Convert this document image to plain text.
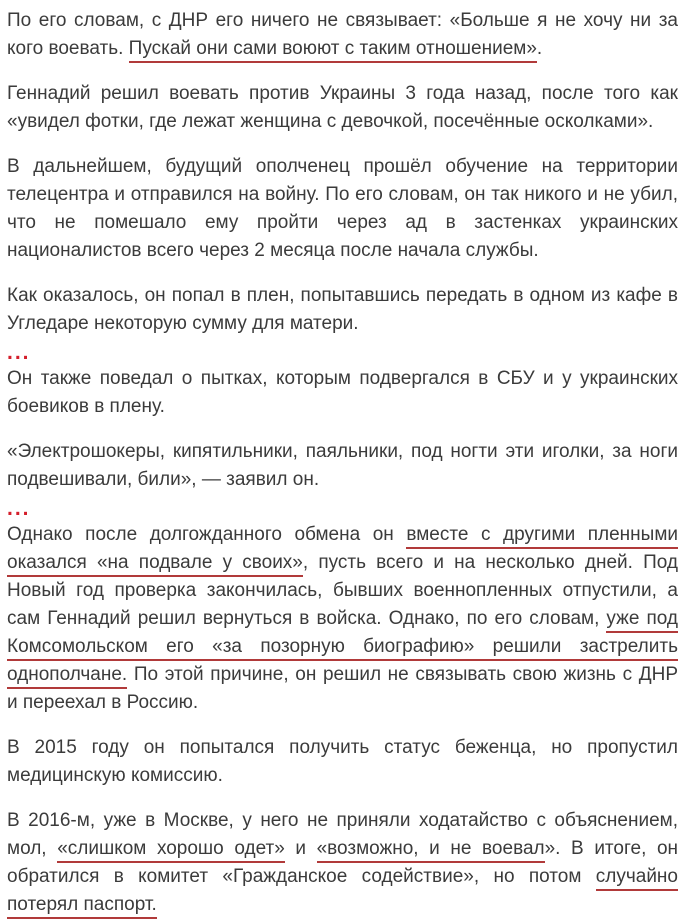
По его словам, с ДНР его ничего не связывает: «Больше я не хочу ни за кого воевать. Пускай они сами воюют с таким отношением».

Геннадий решил воевать против Украины 3 года назад, после того как «увидел фотки, где лежат женщина с девочкой, посечённые осколками».

В дальнейшем, будущий ополченец прошёл обучение на территории телецентра и отправился на войну. По его словам, он так никого и не убил, что не помешало ему пройти через ад в застенках украинских националистов всего через 2 месяца после начала службы.

Как оказалось, он попал в плен, попытавшись передать в одном из кафе в Угледаре некоторую сумму для матери.

...

Он также поведал о пытках, которым подвергался в СБУ и у украинских боевиков в плену.

«Электрошокеры, кипятильники, паяльники, под ногти эти иголки, за ноги подвешивали, били», — заявил он.

...

Однако после долгожданного обмена он вместе с другими пленными оказался «на подвале у своих», пусть всего и на несколько дней. Под Новый год проверка закончилась, бывших военнопленных отпустили, а сам Геннадий решил вернуться в войска. Однако, по его словам, уже под Комсомольском его «за позорную биографию» решили застрелить однополчане. По этой причине, он решил не связывать свою жизнь с ДНР и переехал в Россию.

В 2015 году он попытался получить статус беженца, но пропустил медицинскую комиссию.

В 2016-м, уже в Москве, у него не приняли ходатайство с объяснением, мол, «слишком хорошо одет» и «возможно, и не воевал». В итоге, он обратился в комитет «Гражданское содействие», но потом случайно потерял паспорт.
